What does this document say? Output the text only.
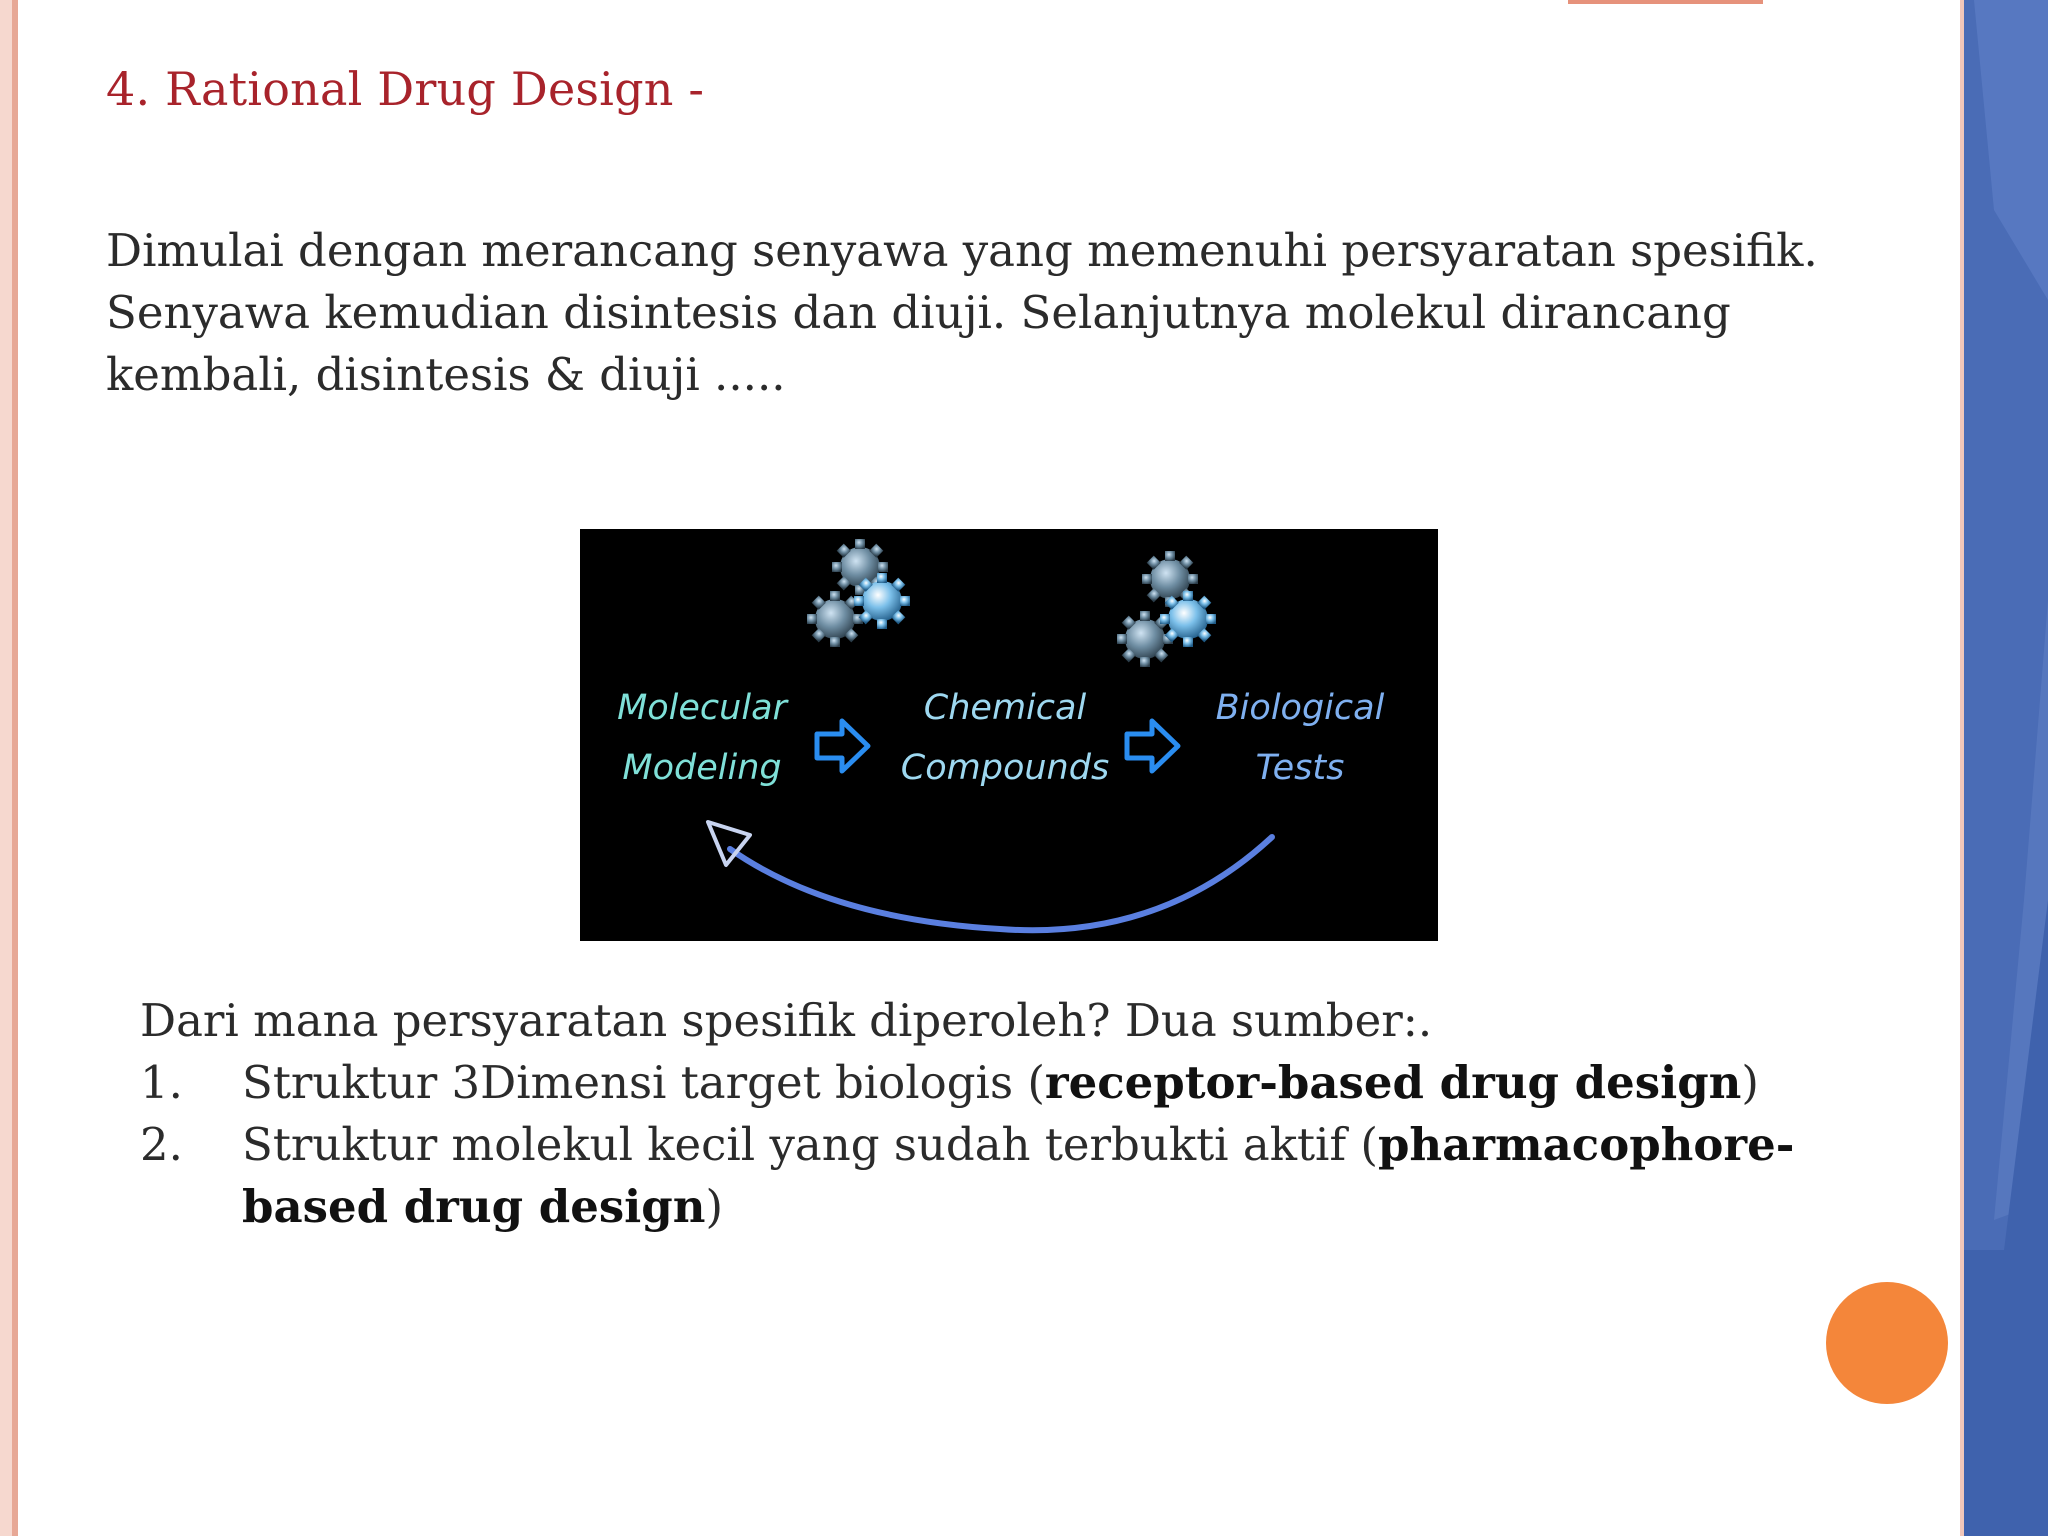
4. Rational Drug Design -
Dimulai dengan merancang senyawa yang memenuhi persyaratan spesifik.
Senyawa kemudian disintesis dan diuji. Selanjutnya molekul dirancang
kembali, disintesis & diuji .....
Molecular
Modeling
Chemical
Compounds
Biological
Tests
Dari mana persyaratan spesifik diperoleh? Dua sumber:.
1. Struktur 3Dimensi target biologis (receptor-based drug design)
2. Struktur molekul kecil yang sudah terbukti aktif (pharmacophore-based drug design)
